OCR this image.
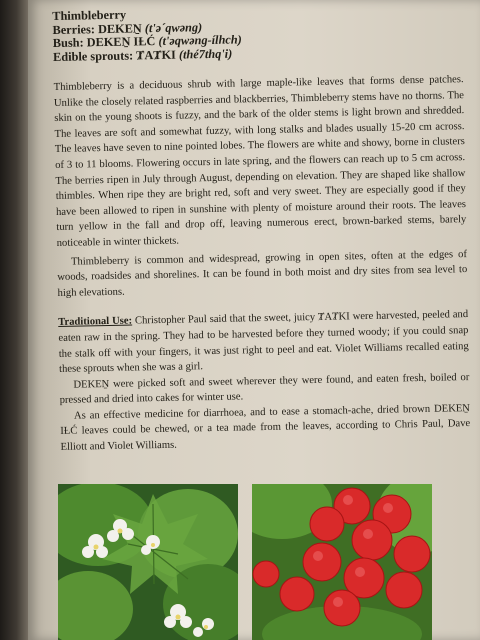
Thimbleberry
Berries: DEKEṈ (t'ə´qwəng)
Bush: DEKEṈ IȽĆ (t'əqwəng-ílhch)
Edible sprouts: ȾAȾKI (thé7thq'i)

Thimbleberry is a deciduous shrub with large maple-like leaves that forms dense patches. Unlike the closely related raspberries and blackberries, Thimbleberry stems have no thorns. The skin on the young shoots is fuzzy, and the bark of the older stems is light brown and shredded. The leaves are soft and somewhat fuzzy, with long stalks and blades usually 15-20 cm across. The leaves have seven to nine pointed lobes. The flowers are white and showy, borne in clusters of 3 to 11 blooms. Flowering occurs in late spring, and the flowers can reach up to 5 cm across. The berries ripen in July through August, depending on elevation. They are shaped like shallow thimbles. When ripe they are bright red, soft and very sweet. They are especially good if they have been allowed to ripen in sunshine with plenty of moisture around their roots. The leaves turn yellow in the fall and drop off, leaving numerous erect, brown-barked stems, barely noticeable in winter thickets.

Thimbleberry is common and widespread, growing in open sites, often at the edges of woods, roadsides and shorelines. It can be found in both moist and dry sites from sea level to high elevations.

Traditional Use: Christopher Paul said that the sweet, juicy ȾAȾKI were harvested, peeled and eaten raw in the spring. They had to be harvested before they turned woody; if you could snap the stalk off with your fingers, it was just right to peel and eat. Violet Williams recalled eating these sprouts when she was a girl.

DEKEṈ were picked soft and sweet wherever they were found, and eaten fresh, boiled or pressed and dried into cakes for winter use.

As an effective medicine for diarrhoea, and to ease a stomach-ache, dried brown DEKEṈ IȽĆ leaves could be chewed, or a tea made from the leaves, according to Chris Paul, Dave Elliott and Violet Williams.
